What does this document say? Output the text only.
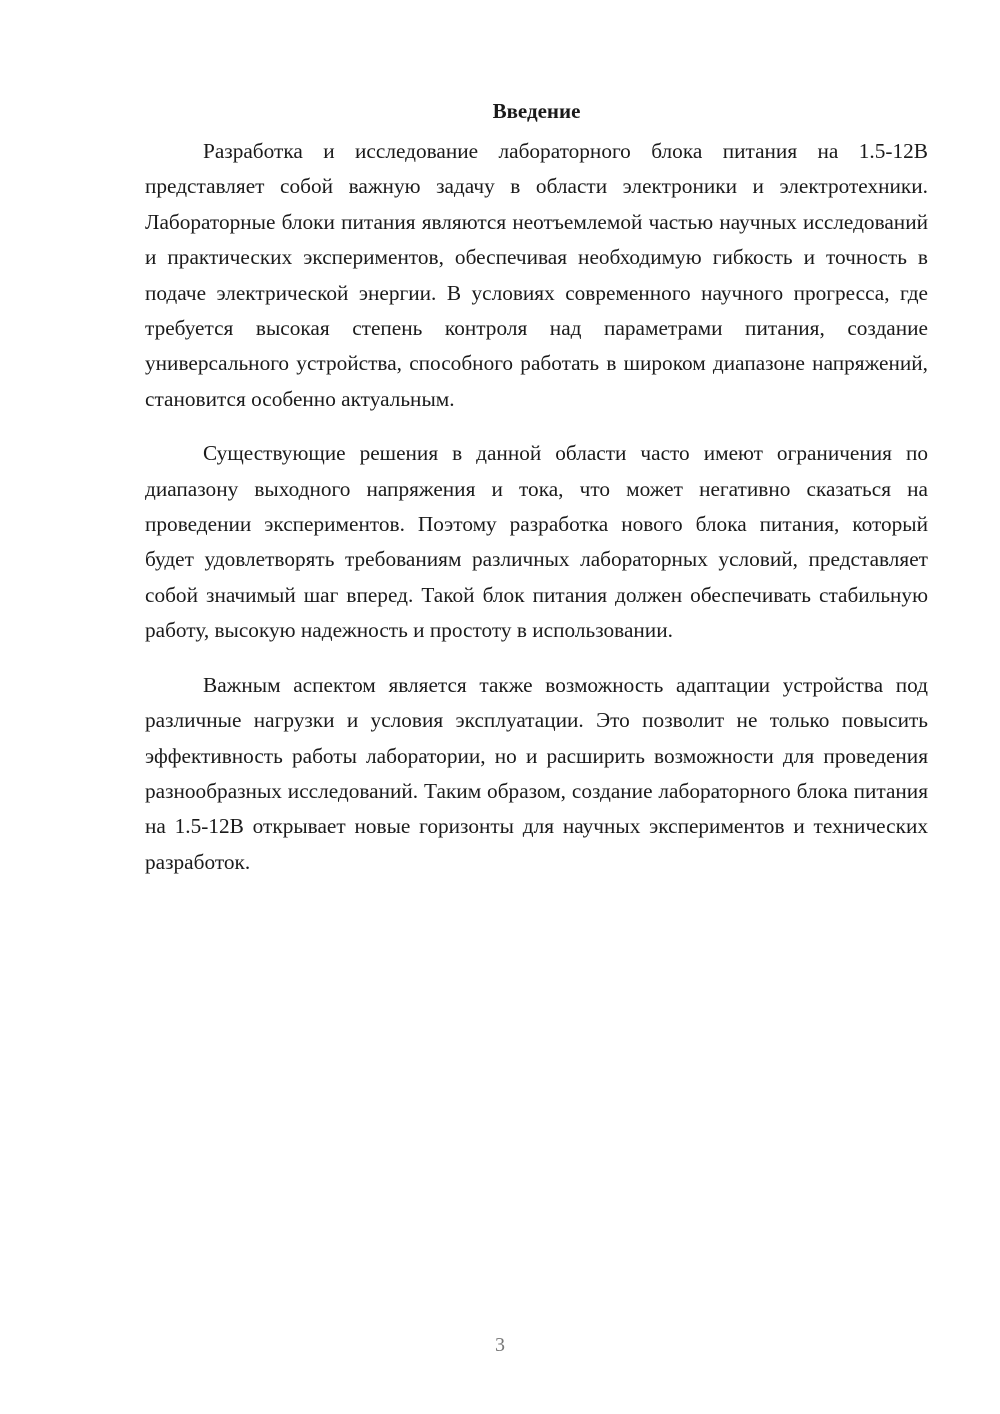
Введение

Разработка и исследование лабораторного блока питания на 1.5-12В представляет собой важную задачу в области электроники и электротехники. Лабораторные блоки питания являются неотъемлемой частью научных исследований и практических экспериментов, обеспечивая необходимую гибкость и точность в подаче электрической энергии. В условиях современного научного прогресса, где требуется высокая степень контроля над параметрами питания, создание универсального устройства, способного работать в широком диапазоне напряжений, становится особенно актуальным.

Существующие решения в данной области часто имеют ограничения по диапазону выходного напряжения и тока, что может негативно сказаться на проведении экспериментов. Поэтому разработка нового блока питания, который будет удовлетворять требованиям различных лабораторных условий, представляет собой значимый шаг вперед. Такой блок питания должен обеспечивать стабильную работу, высокую надежность и простоту в использовании.

Важным аспектом является также возможность адаптации устройства под различные нагрузки и условия эксплуатации. Это позволит не только повысить эффективность работы лаборатории, но и расширить возможности для проведения разнообразных исследований. Таким образом, создание лабораторного блока питания на 1.5-12В открывает новые горизонты для научных экспериментов и технических разработок.

3
